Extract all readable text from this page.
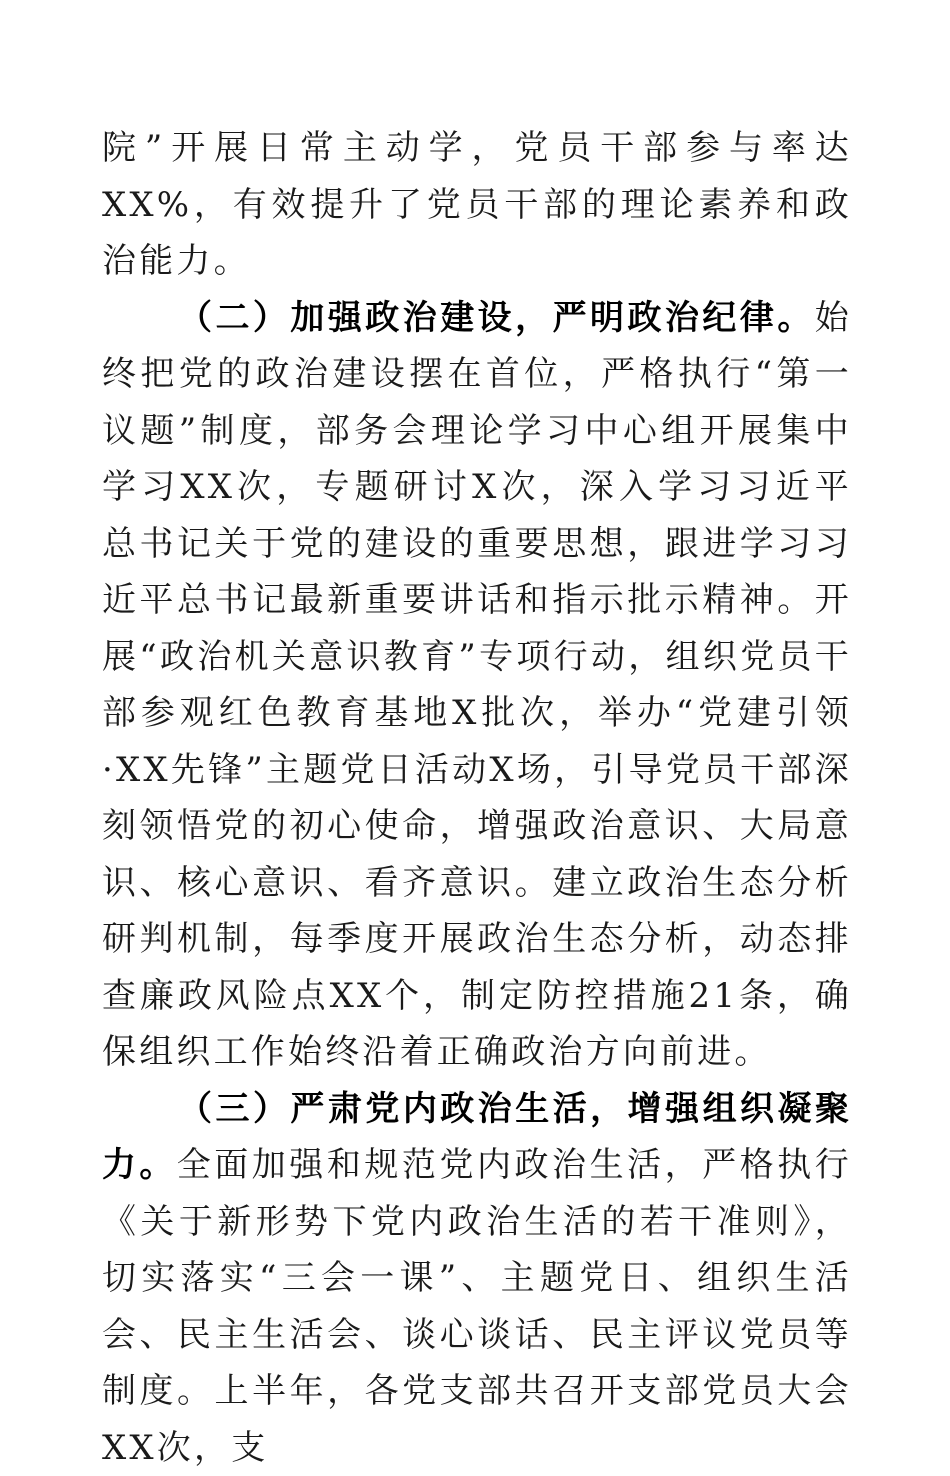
院”开展日常主动学，党员干部参与率达XX%，有效提升了党员干部的理论素养和政治能力。

（二）加强政治建设，严明政治纪律。始终把党的政治建设摆在首位，严格执行“第一议题”制度，部务会理论学习中心组开展集中学习XX次，专题研讨X次，深入学习习近平总书记关于党的建设的重要思想，跟进学习习近平总书记最新重要讲话和指示批示精神。开展“政治机关意识教育”专项行动，组织党员干部参观红色教育基地X批次，举办“党建引领·XX先锋”主题党日活动X场，引导党员干部深刻领悟党的初心使命，增强政治意识、大局意识、核心意识、看齐意识。建立政治生态分析研判机制，每季度开展政治生态分析，动态排查廉政风险点XX个，制定防控措施21条，确保组织工作始终沿着正确政治方向前进。

（三）严肃党内政治生活，增强组织凝聚力。全面加强和规范党内政治生活，严格执行《关于新形势下党内政治生活的若干准则》，切实落实“三会一课”、主题党日、组织生活会、民主生活会、谈心谈话、民主评议党员等制度。上半年，各党支部共召开支部党员大会XX次，支
